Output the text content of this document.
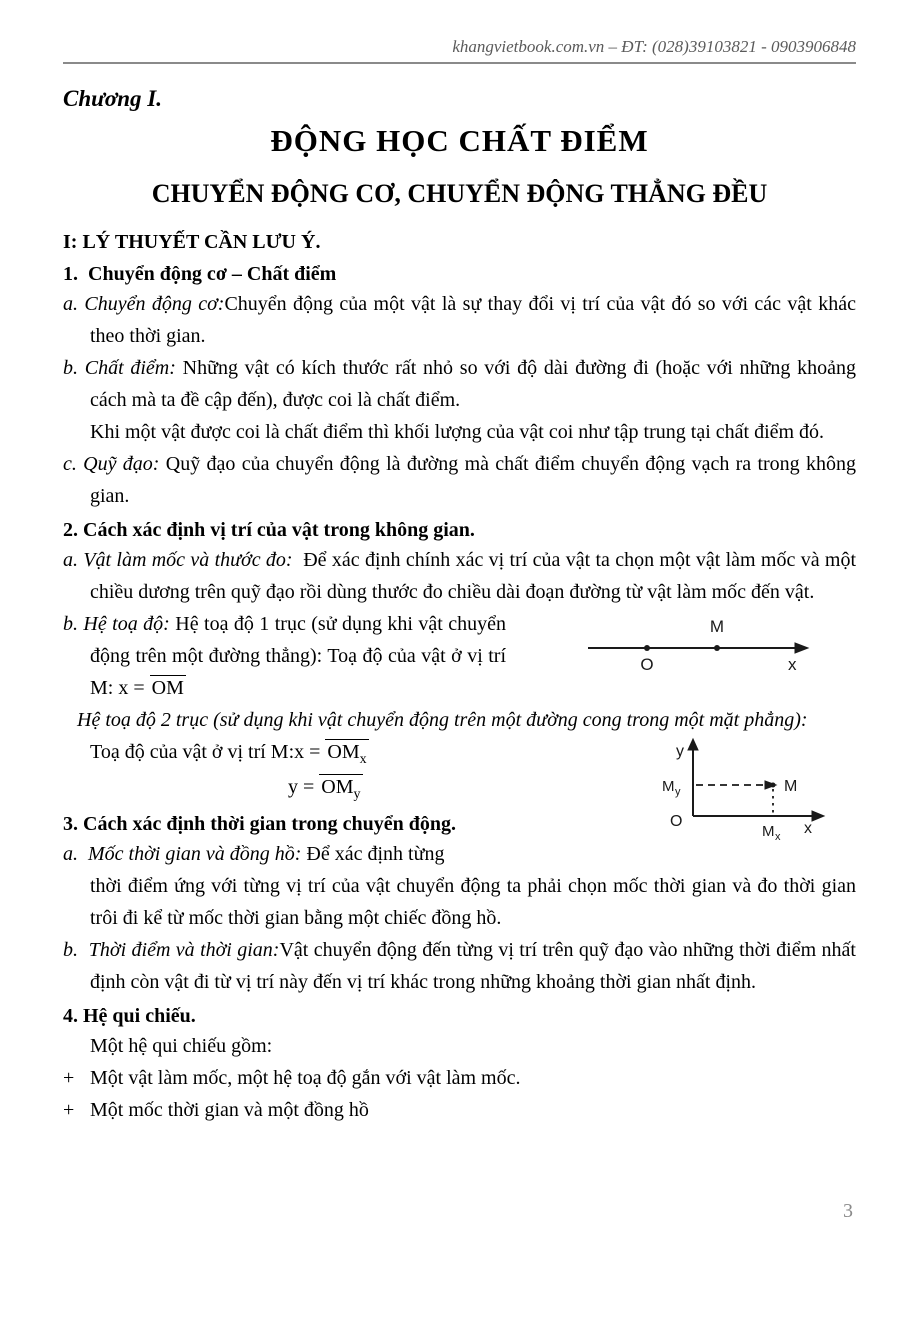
khangvietbook.com.vn – ĐT: (028)39103821 - 0903906848
Chương I.
ĐỘNG HỌC CHẤT ĐIỂM
CHUYỂN ĐỘNG CƠ, CHUYỂN ĐỘNG THẲNG ĐỀU
I: LÝ THUYẾT CẦN LƯU Ý.
1.  Chuyển động cơ – Chất điểm

a. Chuyển động cơ:Chuyển động của một vật là sự thay đổi vị trí của vật đó so với các vật khác theo thời gian.

b. Chất điểm: Những vật có kích thước rất nhỏ so với độ dài đường đi (hoặc với những khoảng cách mà ta đề cập đến), được coi là chất điểm.

Khi một vật được coi là chất điểm thì khối lượng của vật coi như tập trung tại chất điểm đó.

c. Quỹ đạo: Quỹ đạo của chuyển động là đường mà chất điểm chuyển động vạch ra trong không gian.

2. Cách xác định vị trí của vật trong không gian.

a. Vật làm mốc và thước đo:  Để xác định chính xác vị trí của vật ta chọn một vật làm mốc và một chiều dương trên quỹ đạo rồi dùng thước đo chiều dài đoạn đường từ vật làm mốc đến vật.

M
O	x
b. Hệ toạ độ: Hệ toạ độ 1 trục (sử dụng khi vật chuyển động trên một đường thẳng): Toạ độ của vật ở vị trí M: x = OM

Hệ toạ độ 2 trục (sử dụng khi vật chuyển động trên một đường cong trong một mặt phẳng):

y
M y	M
O
M x x
Toạ độ của vật ở vị trí M:x = $OM_x$

$y = OM_y$

3. Cách xác định thời gian trong chuyển động.

a.  Mốc thời gian và đồng hồ: Để xác định từng
thời điểm ứng với từng vị trí của vật chuyển động ta phải chọn mốc thời gian và đo thời gian trôi đi kể từ mốc thời gian bằng một chiếc đồng hồ.

b.  Thời điểm và thời gian:Vật chuyển động đến từng vị trí trên quỹ đạo vào những thời điểm nhất định còn vật đi từ vị trí này đến vị trí khác trong những khoảng thời gian nhất định.

4. Hệ qui chiếu.

Một hệ qui chiếu gồm:

+ Một vật làm mốc, một hệ toạ độ gắn với vật làm mốc.

+ Một mốc thời gian và một đồng hồ

3
